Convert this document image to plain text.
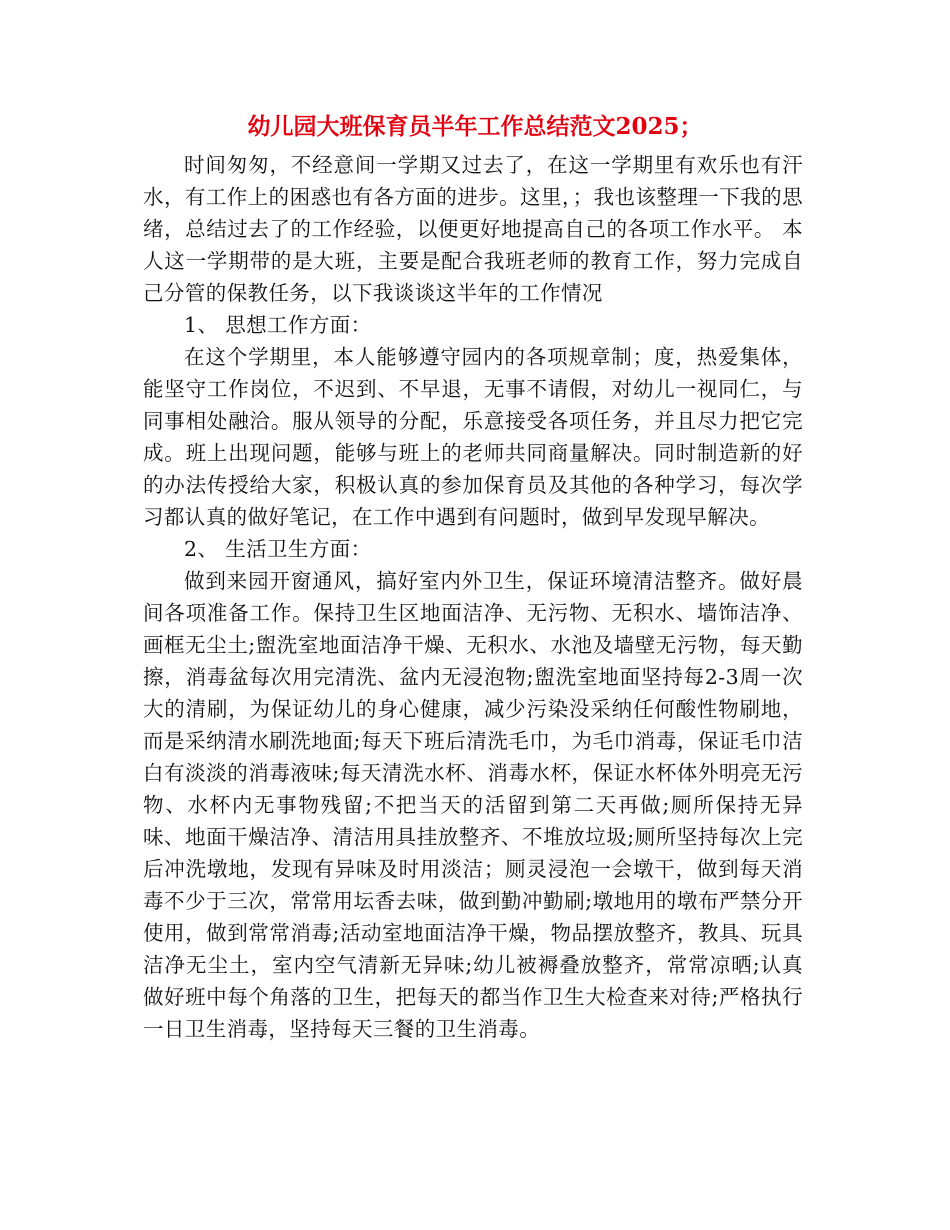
幼儿园大班保育员半年工作总结范文2025；

时间匆匆，不经意间一学期又过去了，在这一学期里有欢乐也有汗水，有工作上的困惑也有各方面的进步。这里，；我也该整理一下我的思绪，总结过去了的工作经验，以便更好地提高自己的各项工作水平。 本人这一学期带的是大班，主要是配合我班老师的教育工作，努力完成自己分管的保教任务，以下我谈谈这半年的工作情况

1、 思想工作方面：

在这个学期里，本人能够遵守园内的各项规章制；度，热爱集体，能坚守工作岗位，不迟到、不早退，无事不请假，对幼儿一视同仁，与同事相处融洽。服从领导的分配，乐意接受各项任务，并且尽力把它完成。班上出现问题，能够与班上的老师共同商量解决。同时制造新的好的办法传授给大家，积极认真的参加保育员及其他的各种学习，每次学习都认真的做好笔记，在工作中遇到有问题时，做到早发现早解决。

2、 生活卫生方面：

做到来园开窗通风，搞好室内外卫生，保证环境清洁整齐。做好晨间各项准备工作。保持卫生区地面洁净、无污物、无积水、墙饰洁净、画框无尘土;盥洗室地面洁净干燥、无积水、水池及墙壁无污物，每天勤擦，消毒盆每次用完清洗、盆内无浸泡物;盥洗室地面坚持每2-3周一次大的清刷，为保证幼儿的身心健康，减少污染没采纳任何酸性物刷地，而是采纳清水刷洗地面;每天下班后清洗毛巾，为毛巾消毒，保证毛巾洁白有淡淡的消毒液味;每天清洗水杯、消毒水杯，保证水杯体外明亮无污物、水杯内无事物残留;不把当天的活留到第二天再做;厕所保持无异味、地面干燥洁净、清洁用具挂放整齐、不堆放垃圾;厕所坚持每次上完后冲洗墩地，发现有异味及时用淡洁；厕灵浸泡一会墩干，做到每天消毒不少于三次，常常用坛香去味，做到勤冲勤刷;墩地用的墩布严禁分开使用，做到常常消毒;活动室地面洁净干燥，物品摆放整齐，教具、玩具洁净无尘土，室内空气清新无异味;幼儿被褥叠放整齐，常常凉晒;认真做好班中每个角落的卫生，把每天的都当作卫生大检查来对待;严格执行一日卫生消毒，坚持每天三餐的卫生消毒。
